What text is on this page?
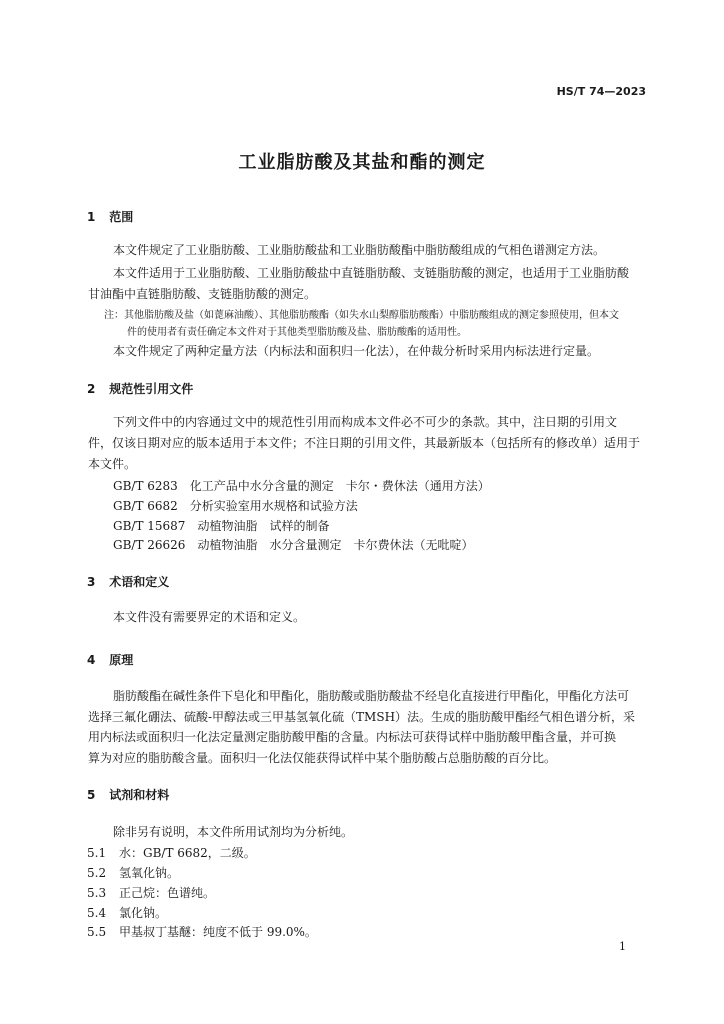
HS/T 74—2023
工业脂肪酸及其盐和酯的测定
1 范围
本文件规定了工业脂肪酸、工业脂肪酸盐和工业脂肪酸酯中脂肪酸组成的气相色谱测定方法。
本文件适用于工业脂肪酸、工业脂肪酸盐中直链脂肪酸、支链脂肪酸的测定，也适用于工业脂肪酸
甘油酯中直链脂肪酸、支链脂肪酸的测定。
注：其他脂肪酸及盐（如蓖麻油酸）、其他脂肪酸酯（如失水山梨醇脂肪酸酯）中脂肪酸组成的测定参照使用，但本文
件的使用者有责任确定本文件对于其他类型脂肪酸及盐、脂肪酸酯的适用性。
本文件规定了两种定量方法（内标法和面积归一化法），在仲裁分析时采用内标法进行定量。
2 规范性引用文件
下列文件中的内容通过文中的规范性引用而构成本文件必不可少的条款。其中，注日期的引用文
件，仅该日期对应的版本适用于本文件；不注日期的引用文件，其最新版本（包括所有的修改单）适用于
本文件。
GB/T 6283　化工产品中水分含量的测定　卡尔・费休法（通用方法）
GB/T 6682　分析实验室用水规格和试验方法
GB/T 15687　动植物油脂　试样的制备
GB/T 26626　动植物油脂　水分含量测定　卡尔费休法（无吡啶）
3 术语和定义
本文件没有需要界定的术语和定义。
4 原理
脂肪酸酯在碱性条件下皂化和甲酯化，脂肪酸或脂肪酸盐不经皂化直接进行甲酯化，甲酯化方法可
选择三氟化硼法、硫酸-甲醇法或三甲基氢氧化硫（TMSH）法。生成的脂肪酸甲酯经气相色谱分析，采
用内标法或面积归一化法定量测定脂肪酸甲酯的含量。内标法可获得试样中脂肪酸甲酯含量，并可换
算为对应的脂肪酸含量。面积归一化法仅能获得试样中某个脂肪酸占总脂肪酸的百分比。
5 试剂和材料
除非另有说明，本文件所用试剂均为分析纯。
5.1 水：GB/T 6682，二级。
5.2 氢氧化钠。
5.3 正己烷：色谱纯。
5.4 氯化钠。
5.5 甲基叔丁基醚：纯度不低于 99.0%。
1
